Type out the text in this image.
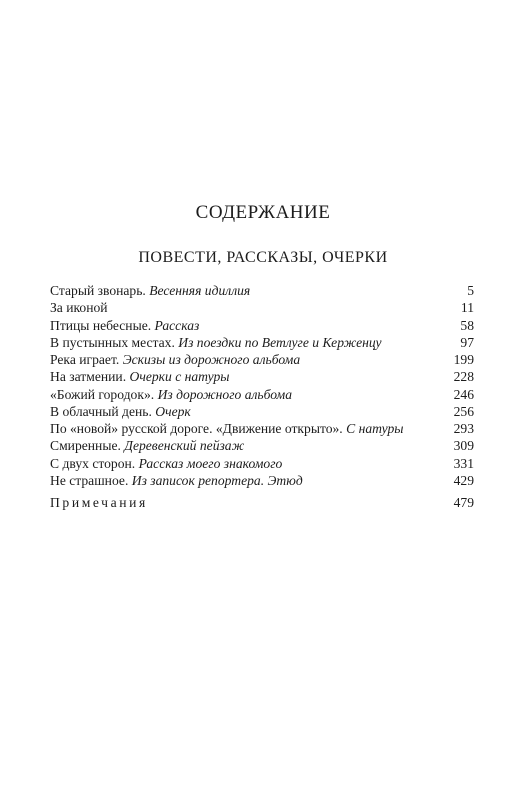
СОДЕРЖАНИЕ
ПОВЕСТИ, РАССКАЗЫ, ОЧЕРКИ
Старый звонарь. Весенняя идиллия	5
За иконой	11
Птицы небесные. Рассказ	58
В пустынных местах. Из поездки по Ветлуге и Керженцу	97
Река играет. Эскизы из дорожного альбома	199
На затмении. Очерки с натуры	228
«Божий городок». Из дорожного альбома	246
В облачный день. Очерк	256
По «новой» русской дороге. «Движение открыто». С натуры	293
Смиренные. Деревенский пейзаж	309
С двух сторон. Рассказ моего знакомого	331
Не страшное. Из записок репортера. Этюд	429
Примечания	479
